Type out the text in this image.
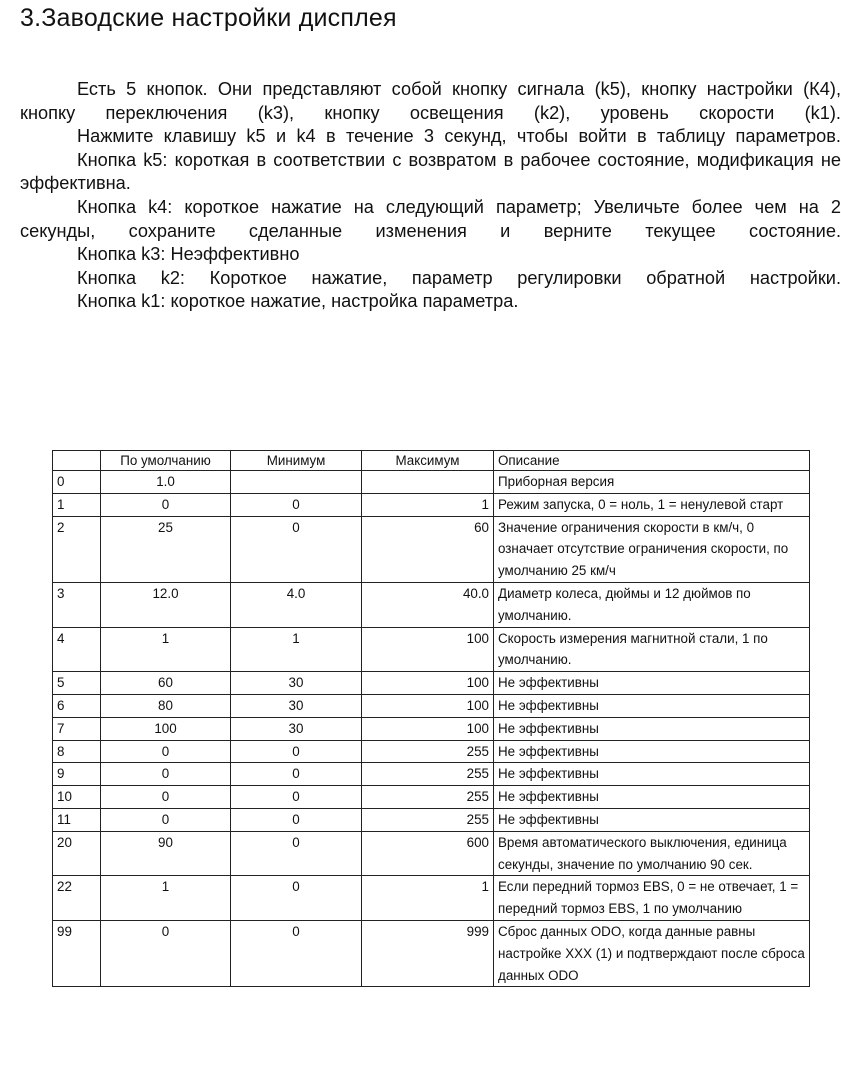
3.Заводские настройки дисплея

Есть 5 кнопок. Они представляют собой кнопку сигнала (k5), кнопку настройки (К4), кнопку переключения (k3), кнопку освещения (k2), уровень скорости (k1).

Нажмите клавишу k5 и k4 в течение 3 секунд, чтобы войти в таблицу параметров.

Кнопка k5: короткая в соответствии с возвратом в рабочее состояние, модификация не эффективна.

Кнопка k4: короткое нажатие на следующий параметр; Увеличьте более чем на 2 секунды, сохраните сделанные изменения и верните текущее состояние.

Кнопка k3: Неэффективно

Кнопка k2: Короткое нажатие, параметр регулировки обратной настройки.

Кнопка k1: короткое нажатие, настройка параметра.

	По умолчанию	Минимум	Максимум	Описание
0	1.0			Приборная версия
1	0	0	1	Режим запуска, 0 = ноль, 1 = ненулевой старт
2	25	0	60	Значение ограничения скорости в км/ч, 0 означает отсутствие ограничения скорости, по умолчанию 25 км/ч
3	12.0	4.0	40.0	Диаметр колеса, дюймы и 12 дюймов по умолчанию.
4	1	1	100	Скорость измерения магнитной стали, 1 по умолчанию.
5	60	30	100	Не эффективны
6	80	30	100	Не эффективны
7	100	30	100	Не эффективны
8	0	0	255	Не эффективны
9	0	0	255	Не эффективны
10	0	0	255	Не эффективны
11	0	0	255	Не эффективны
20	90	0	600	Время автоматического выключения, единица секунды, значение по умолчанию 90 сек.
22	1	0	1	Если передний тормоз EBS, 0 = не отвечает, 1 = передний тормоз EBS, 1 по умолчанию
99	0	0	999	Сброс данных ODO, когда данные равны настройке XXX (1) и подтверждают после сброса данных ODO
